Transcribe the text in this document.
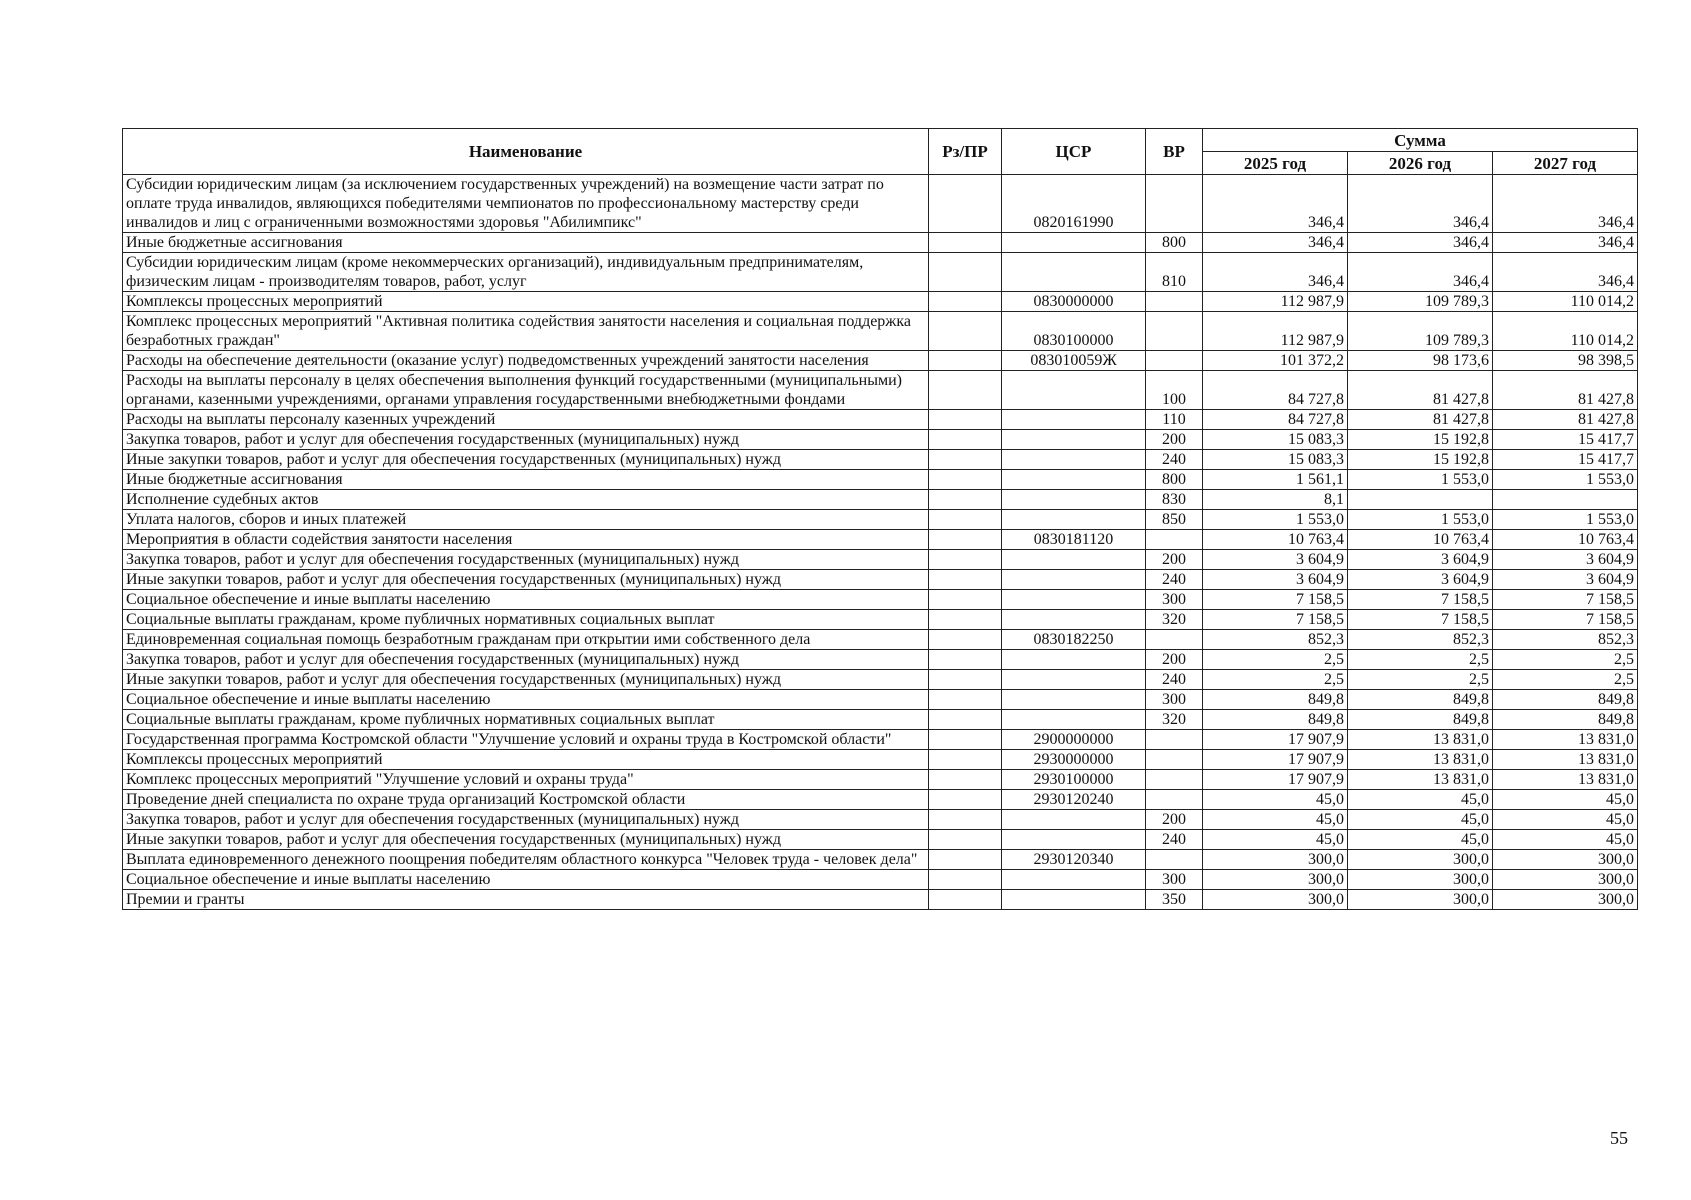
Наименование	Рз/ПР	ЦСР	ВР	Сумма		
				2025 год	2026 год	2027 год
Субсидии юридическим лицам (за исключением государственных учреждений) на возмещение части затрат по оплате труда инвалидов, являющихся победителями чемпионатов по профессиональному мастерству среди инвалидов и лиц с ограниченными возможностями здоровья "Абилимпикс"		0820161990		346,4	346,4	346,4
Иные бюджетные ассигнования			800	346,4	346,4	346,4
Субсидии юридическим лицам (кроме некоммерческих организаций), индивидуальным предпринимателям, физическим лицам - производителям товаров, работ, услуг			810	346,4	346,4	346,4
Комплексы процессных мероприятий		0830000000		112 987,9	109 789,3	110 014,2
Комплекс процессных мероприятий "Активная политика содействия занятости населения и социальная поддержка безработных граждан"		0830100000		112 987,9	109 789,3	110 014,2
Расходы на обеспечение деятельности (оказание услуг) подведомственных учреждений занятости населения		083010059Ж		101 372,2	98 173,6	98 398,5
Расходы на выплаты персоналу в целях обеспечения выполнения функций государственными (муниципальными) органами, казенными учреждениями, органами управления государственными внебюджетными фондами			100	84 727,8	81 427,8	81 427,8
Расходы на выплаты персоналу казенных учреждений			110	84 727,8	81 427,8	81 427,8
Закупка товаров, работ и услуг для обеспечения государственных (муниципальных) нужд			200	15 083,3	15 192,8	15 417,7
Иные закупки товаров, работ и услуг для обеспечения государственных (муниципальных) нужд			240	15 083,3	15 192,8	15 417,7
Иные бюджетные ассигнования			800	1 561,1	1 553,0	1 553,0
Исполнение судебных актов			830	8,1		
Уплата налогов, сборов и иных платежей			850	1 553,0	1 553,0	1 553,0
Мероприятия в области содействия занятости населения		0830181120		10 763,4	10 763,4	10 763,4
Закупка товаров, работ и услуг для обеспечения государственных (муниципальных) нужд			200	3 604,9	3 604,9	3 604,9
Иные закупки товаров, работ и услуг для обеспечения государственных (муниципальных) нужд			240	3 604,9	3 604,9	3 604,9
Социальное обеспечение и иные выплаты населению			300	7 158,5	7 158,5	7 158,5
Социальные выплаты гражданам, кроме публичных нормативных социальных выплат			320	7 158,5	7 158,5	7 158,5
Единовременная социальная помощь безработным гражданам при открытии ими собственного дела		0830182250		852,3	852,3	852,3
Закупка товаров, работ и услуг для обеспечения государственных (муниципальных) нужд			200	2,5	2,5	2,5
Иные закупки товаров, работ и услуг для обеспечения государственных (муниципальных) нужд			240	2,5	2,5	2,5
Социальное обеспечение и иные выплаты населению			300	849,8	849,8	849,8
Социальные выплаты гражданам, кроме публичных нормативных социальных выплат			320	849,8	849,8	849,8
Государственная программа Костромской области "Улучшение условий и охраны труда в Костромской области"		2900000000		17 907,9	13 831,0	13 831,0
Комплексы процессных мероприятий		2930000000		17 907,9	13 831,0	13 831,0
Комплекс процессных мероприятий "Улучшение условий и охраны труда"		2930100000		17 907,9	13 831,0	13 831,0
Проведение дней специалиста по охране труда организаций Костромской области		2930120240		45,0	45,0	45,0
Закупка товаров, работ и услуг для обеспечения государственных (муниципальных) нужд			200	45,0	45,0	45,0
Иные закупки товаров, работ и услуг для обеспечения государственных (муниципальных) нужд			240	45,0	45,0	45,0
Выплата единовременного денежного поощрения победителям областного конкурса "Человек труда - человек дела"		2930120340		300,0	300,0	300,0
Социальное обеспечение и иные выплаты населению			300	300,0	300,0	300,0
Премии и гранты			350	300,0	300,0	300,0
55
